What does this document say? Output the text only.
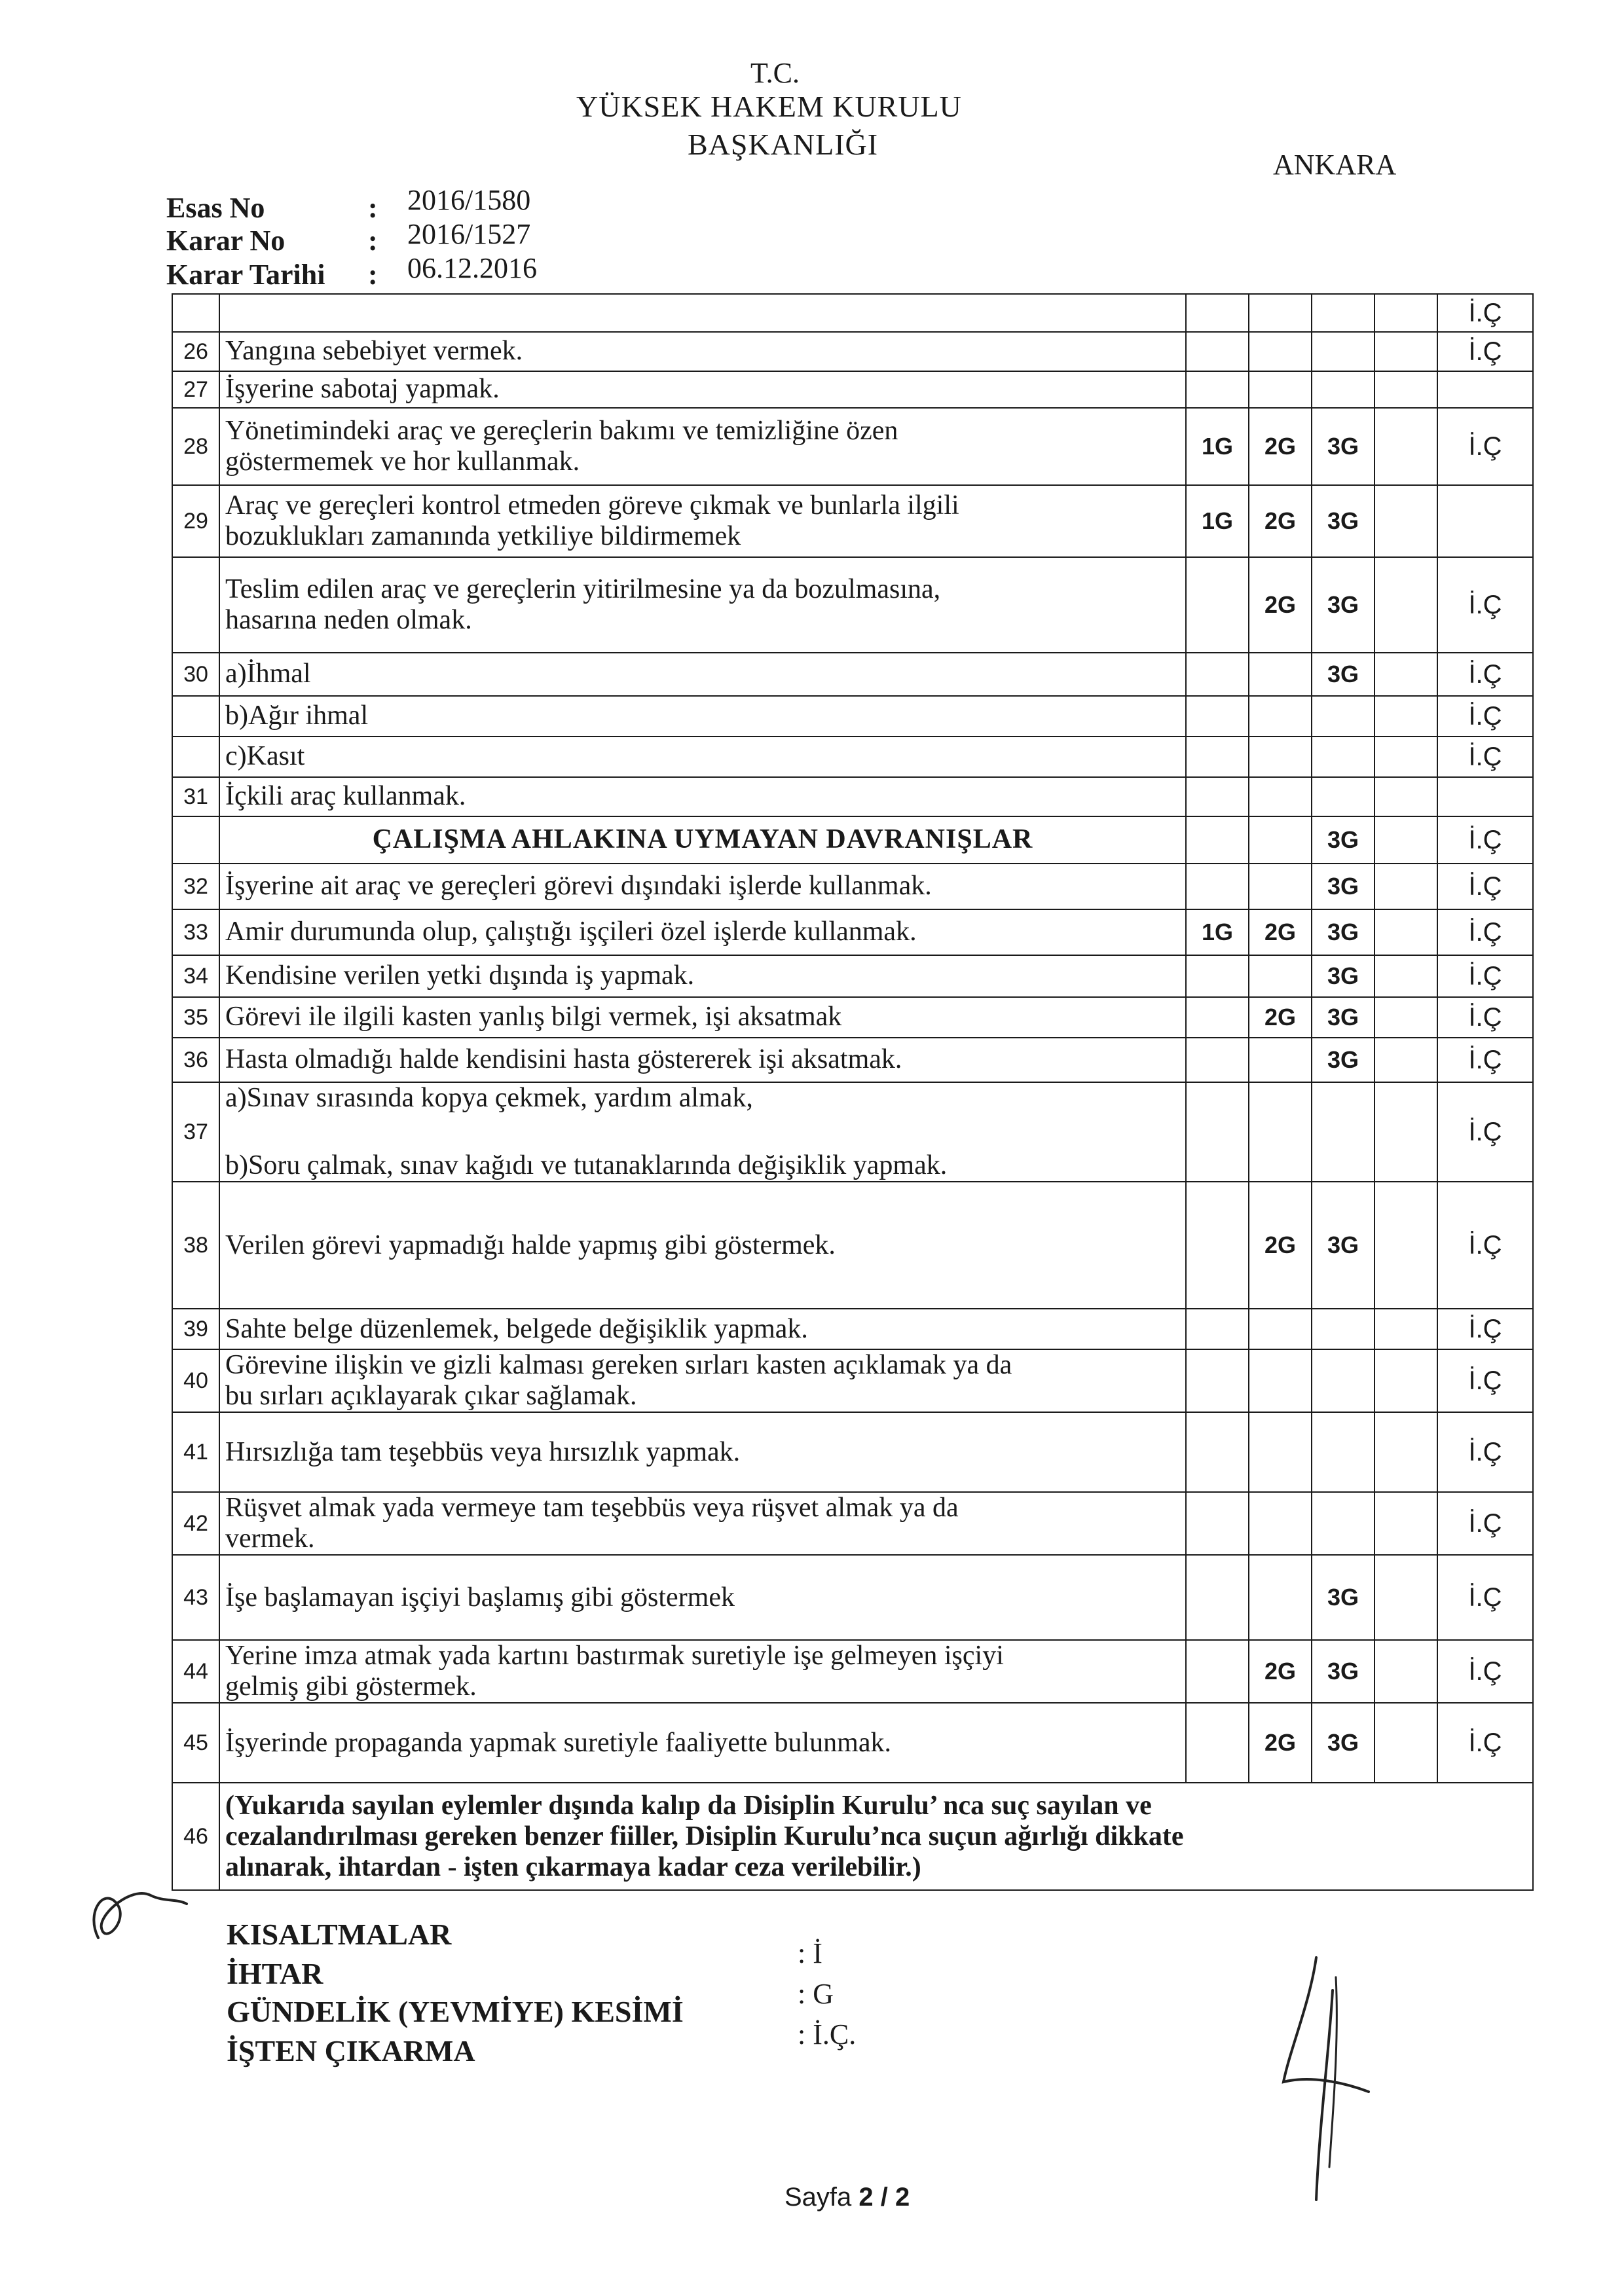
T.C.
YÜKSEK HAKEM KURULU
BAŞKANLIĞI
ANKARA
Esas No	: 2016/1580
Karar No	: 2016/1527
Karar Tarihi : 06.12.2016

					İ.Ç
26	Yangına sebebiyet vermek.					İ.Ç
27	İşyerine sabotaj yapmak.					

28	Yönetimindeki araç ve gereçlerin bakımı ve temizliğine özen
göstermemek ve hor kullanmak.	1G	2G	3G		İ.Ç
29	Araç ve gereçleri kontrol etmeden göreve çıkmak ve bunlarla ilgili
bozuklukları zamanında yetkiliye bildirmemek	1G	2G	3G		

	Teslim edilen araç ve gereçlerin yitirilmesine ya da bozulmasına,
hasarına neden olmak.		2G	3G		İ.Ç
30	a)İhmal			3G		İ.Ç

	b)Ağır ihmal					İ.Ç

	c)Kasıt					İ.Ç
31	İçkili araç kullanmak.					

	ÇALIŞMA AHLAKINA UYMAYAN DAVRANIŞLAR			3G		İ.Ç
32	İşyerine ait araç ve gereçleri görevi dışındaki işlerde kullanmak.			3G		İ.Ç
33	Amir durumunda olup, çalıştığı işçileri özel işlerde kullanmak.	1G	2G	3G		İ.Ç
34	Kendisine verilen yetki dışında iş yapmak.			3G		İ.Ç
35	Görevi ile ilgili kasten yanlış bilgi vermek, işi aksatmak		2G	3G		İ.Ç
36	Hasta olmadığı halde kendisini hasta göstererek işi aksatmak.			3G		İ.Ç
37	a)Sınav sırasında kopya çekmek, yardım almak,
b)Soru çalmak, sınav kağıdı ve tutanaklarında değişiklik yapmak.					İ.Ç
38	Verilen görevi yapmadığı halde yapmış gibi göstermek.		2G	3G		İ.Ç
39	Sahte belge düzenlemek, belgede değişiklik yapmak.					İ.Ç
40	Görevine ilişkin ve gizli kalması gereken sırları kasten açıklamak ya da
bu sırları açıklayarak çıkar sağlamak.					İ.Ç
41	Hırsızlığa tam teşebbüs veya hırsızlık yapmak.					İ.Ç
42	Rüşvet almak yada vermeye tam teşebbüs veya rüşvet almak ya da
vermek.					İ.Ç
43	İşe başlamayan işçiyi başlamış gibi göstermek			3G		İ.Ç
44	Yerine imza atmak yada kartını bastırmak suretiyle işe gelmeyen işçiyi
gelmiş gibi göstermek.		2G	3G		İ.Ç
45	İşyerinde propaganda yapmak suretiyle faaliyette bulunmak.		2G	3G		İ.Ç
46	(Yukarıda sayılan eylemler dışında kalıp da Disiplin Kurulu’ nca suç sayılan ve
cezalandırılması gereken benzer fiiller, Disiplin Kurulu’nca suçun ağırlığı dikkate
alınarak, ihtardan - işten çıkarmaya kadar ceza verilebilir.)					
KISALTMALAR
İHTAR
: İ
GÜNDELİK (YEVMİYE) KESİMİ
: G
İŞTEN ÇIKARMA	: İ.Ç.
Sayfa 2 / 2
